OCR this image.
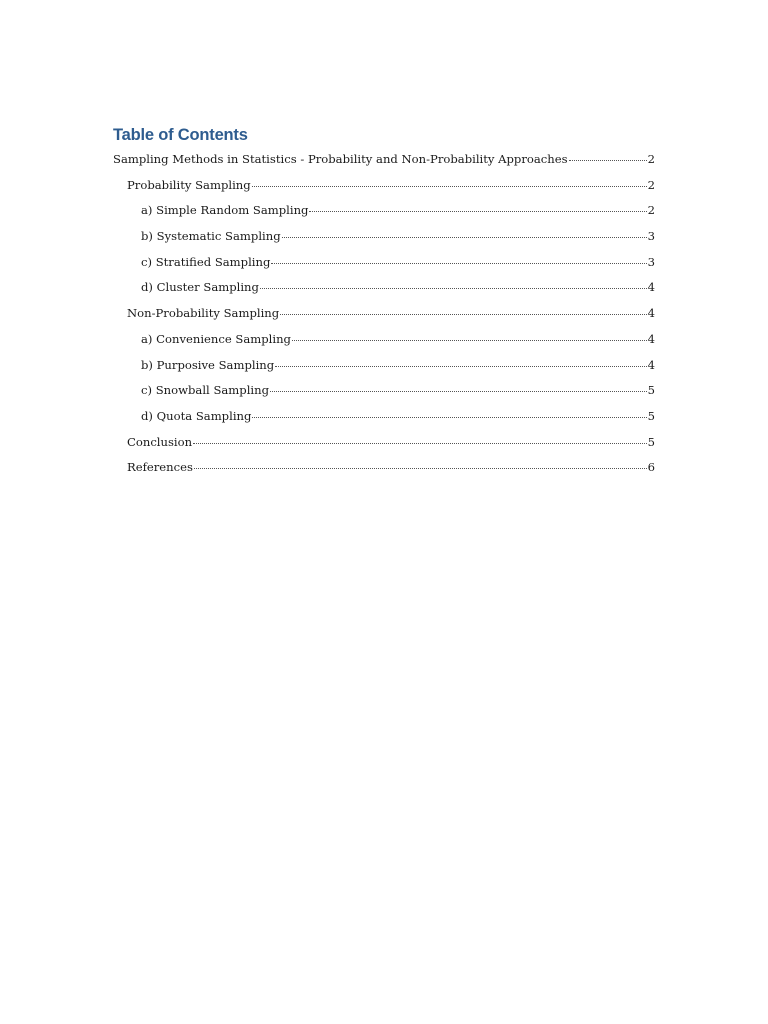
Table of Contents
Sampling Methods in Statistics - Probability and Non-Probability Approaches	2
Probability Sampling	2
a) Simple Random Sampling	2
b) Systematic Sampling	3
c) Stratified Sampling	3
d) Cluster Sampling	4
Non-Probability Sampling	4
a) Convenience Sampling	4
b) Purposive Sampling	4
c) Snowball Sampling	5
d) Quota Sampling	5
Conclusion	5
References	6
